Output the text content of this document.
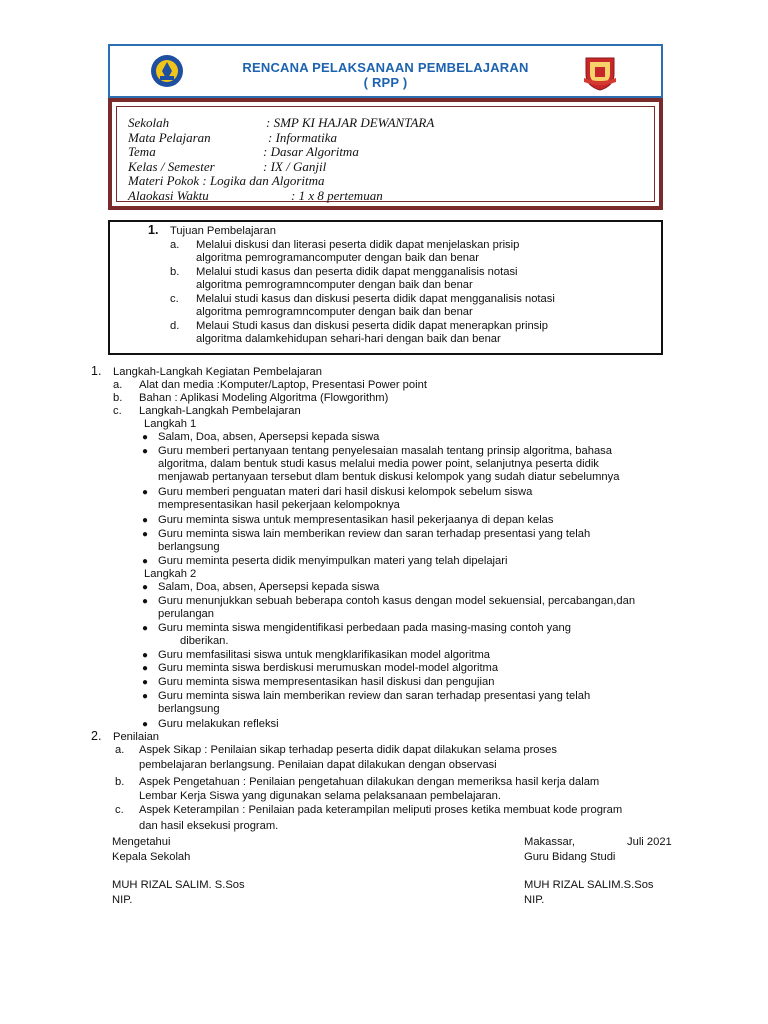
RENCANA PELAKSANAAN PEMBELAJARAN
( RPP )
Sekolah	: SMP KI HAJAR DEWANTARA
Mata Pelajaran	: Informatika
Tema	: Dasar Algoritma
Kelas / Semester	: IX / Ganjil
Materi Pokok : Logika dan Algoritma
Alaokasi Waktu	: 1 x 8 pertemuan
1. Tujuan Pembelajaran
a. Melalui diskusi dan literasi peserta didik dapat menjelaskan prisip
algoritma pemrogramancomputer dengan baik dan benar
b. Melalui studi kasus dan peserta didik dapat mengganalisis notasi
algoritma pemrogramncomputer dengan baik dan benar
c. Melalui studi kasus dan diskusi peserta didik dapat mengganalisis notasi
algoritma pemrogramncomputer dengan baik dan benar
d. Melaui Studi kasus dan diskusi peserta didik dapat menerapkan prinsip
algoritma dalamkehidupan sehari-hari dengan baik dan benar
1. Langkah-Langkah Kegiatan Pembelajaran
a. Alat dan media :Komputer/Laptop, Presentasi Power point
b. Bahan : Aplikasi Modeling Algoritma (Flowgorithm)
c. Langkah-Langkah Pembelajaran
Langkah 1
● Salam, Doa, absen, Apersepsi kepada siswa
● Guru memberi pertanyaan tentang penyelesaian masalah tentang prinsip algoritma, bahasa
algoritma, dalam bentuk studi kasus melalui media power point, selanjutnya peserta didik
menjawab pertanyaan tersebut dlam bentuk diskusi kelompok yang sudah diatur sebelumnya
● Guru memberi penguatan materi dari hasil diskusi kelompok sebelum siswa
mempresentasikan hasil pekerjaan kelompoknya
● Guru meminta siswa untuk mempresentasikan hasil pekerjaanya di depan kelas
● Guru meminta siswa lain memberikan review dan saran terhadap presentasi yang telah
berlangsung
● Guru meminta peserta didik menyimpulkan materi yang telah dipelajari
Langkah 2
● Salam, Doa, absen, Apersepsi kepada siswa
● Guru menunjukkan sebuah beberapa contoh kasus dengan model sekuensial, percabangan,dan
perulangan
● Guru meminta siswa mengidentifikasi perbedaan pada masing-masing contoh yang
diberikan.
● Guru memfasilitasi siswa untuk mengklarifikasikan model algoritma
● Guru meminta siswa berdiskusi merumuskan model-model algoritma
● Guru meminta siswa mempresentasikan hasil diskusi dan pengujian
● Guru meminta siswa lain memberikan review dan saran terhadap presentasi yang telah
berlangsung
● Guru melakukan refleksi
2. Penilaian
a. Aspek Sikap : Penilaian sikap terhadap peserta didik dapat dilakukan selama proses
pembelajaran berlangsung. Penilaian dapat dilakukan dengan observasi
b. Aspek Pengetahuan : Penilaian pengetahuan dilakukan dengan memeriksa hasil kerja dalam
Lembar Kerja Siswa yang digunakan selama pelaksanaan pembelajaran.
c. Aspek Keterampilan : Penilaian pada keterampilan meliputi proses ketika membuat kode program
dan hasil eksekusi program.
Mengetahui
Kepala Sekolah
MUH RIZAL SALIM. S.Sos
NIP.
Makassar,	Juli 2021
Guru Bidang Studi
MUH RIZAL SALIM.S.Sos
NIP.
